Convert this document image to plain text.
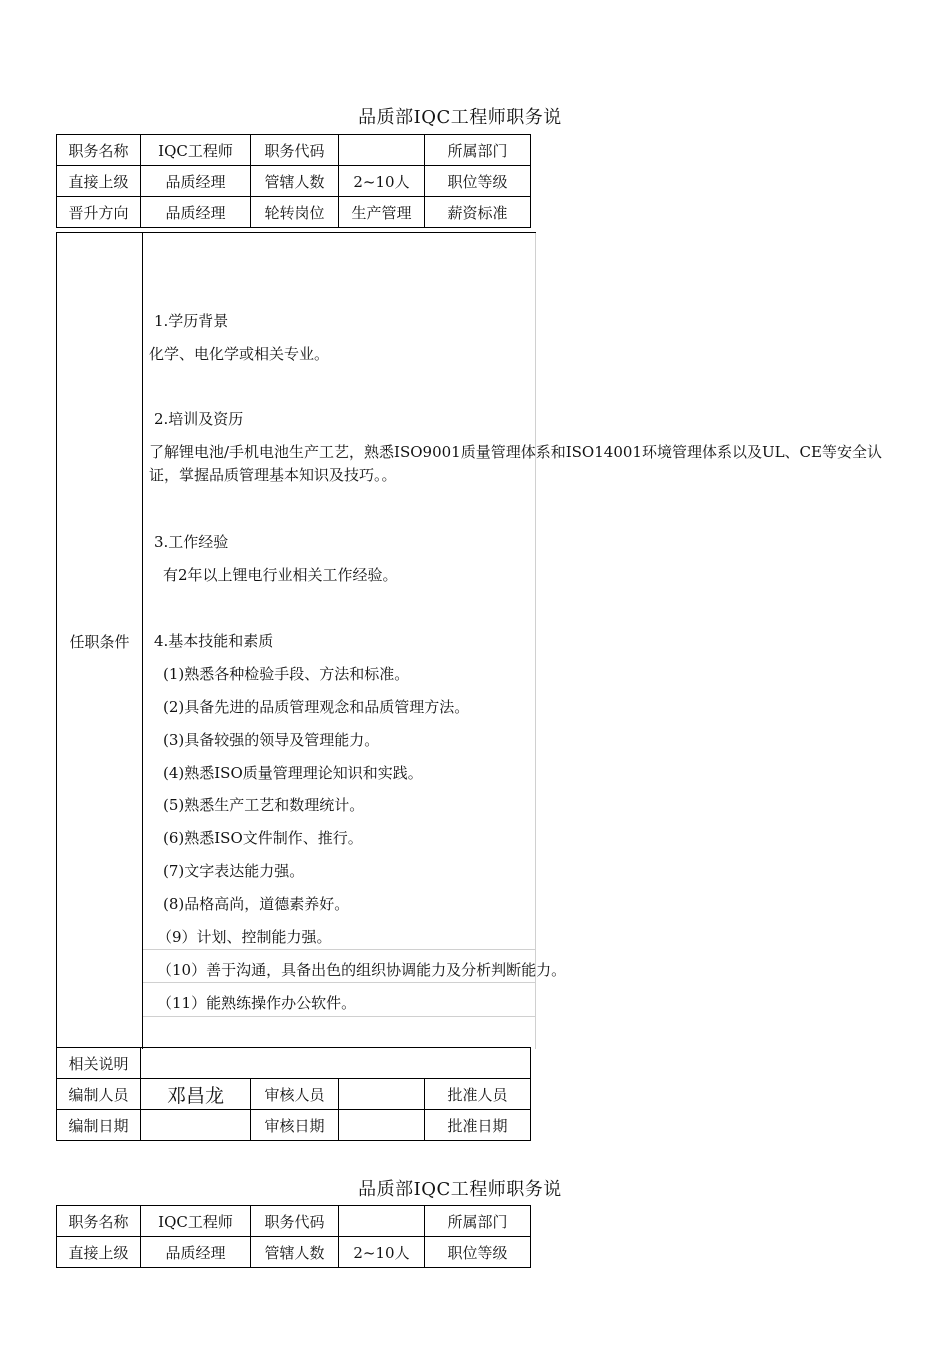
品质部IQC工程师职务说
职务名称	IQC工程师	职务代码		所属部门
直接上级	品质经理	管辖人数	2~10人	职位等级
晋升方向	品质经理	轮转岗位	生产管理	薪资标准
任职条件
1.学历背景
化学、电化学或相关专业。
2.培训及资历
了解锂电池/手机电池生产工艺，熟悉ISO9001质量管理体系和ISO14001环境管理体系以及UL、CE等安全认
证，掌握品质管理基本知识及技巧。。
3.工作经验
有2年以上锂电行业相关工作经验。
4.基本技能和素质
(1)熟悉各种检验手段、方法和标准。
(2)具备先进的品质管理观念和品质管理方法。
(3)具备较强的领导及管理能力。
(4)熟悉ISO质量管理理论知识和实践。
(5)熟悉生产工艺和数理统计。
(6)熟悉ISO文件制作、推行。
(7)文字表达能力强。
(8)品格高尚，道德素养好。
（9）计划、控制能力强。
（10）善于沟通，具备出色的组织协调能力及分析判断能力。
（11）能熟练操作办公软件。
相关说明				
编制人员	邓昌龙	审核人员		批准人员
编制日期		审核日期		批准日期
品质部IQC工程师职务说
职务名称	IQC工程师	职务代码		所属部门
直接上级	品质经理	管辖人数	2~10人	职位等级
